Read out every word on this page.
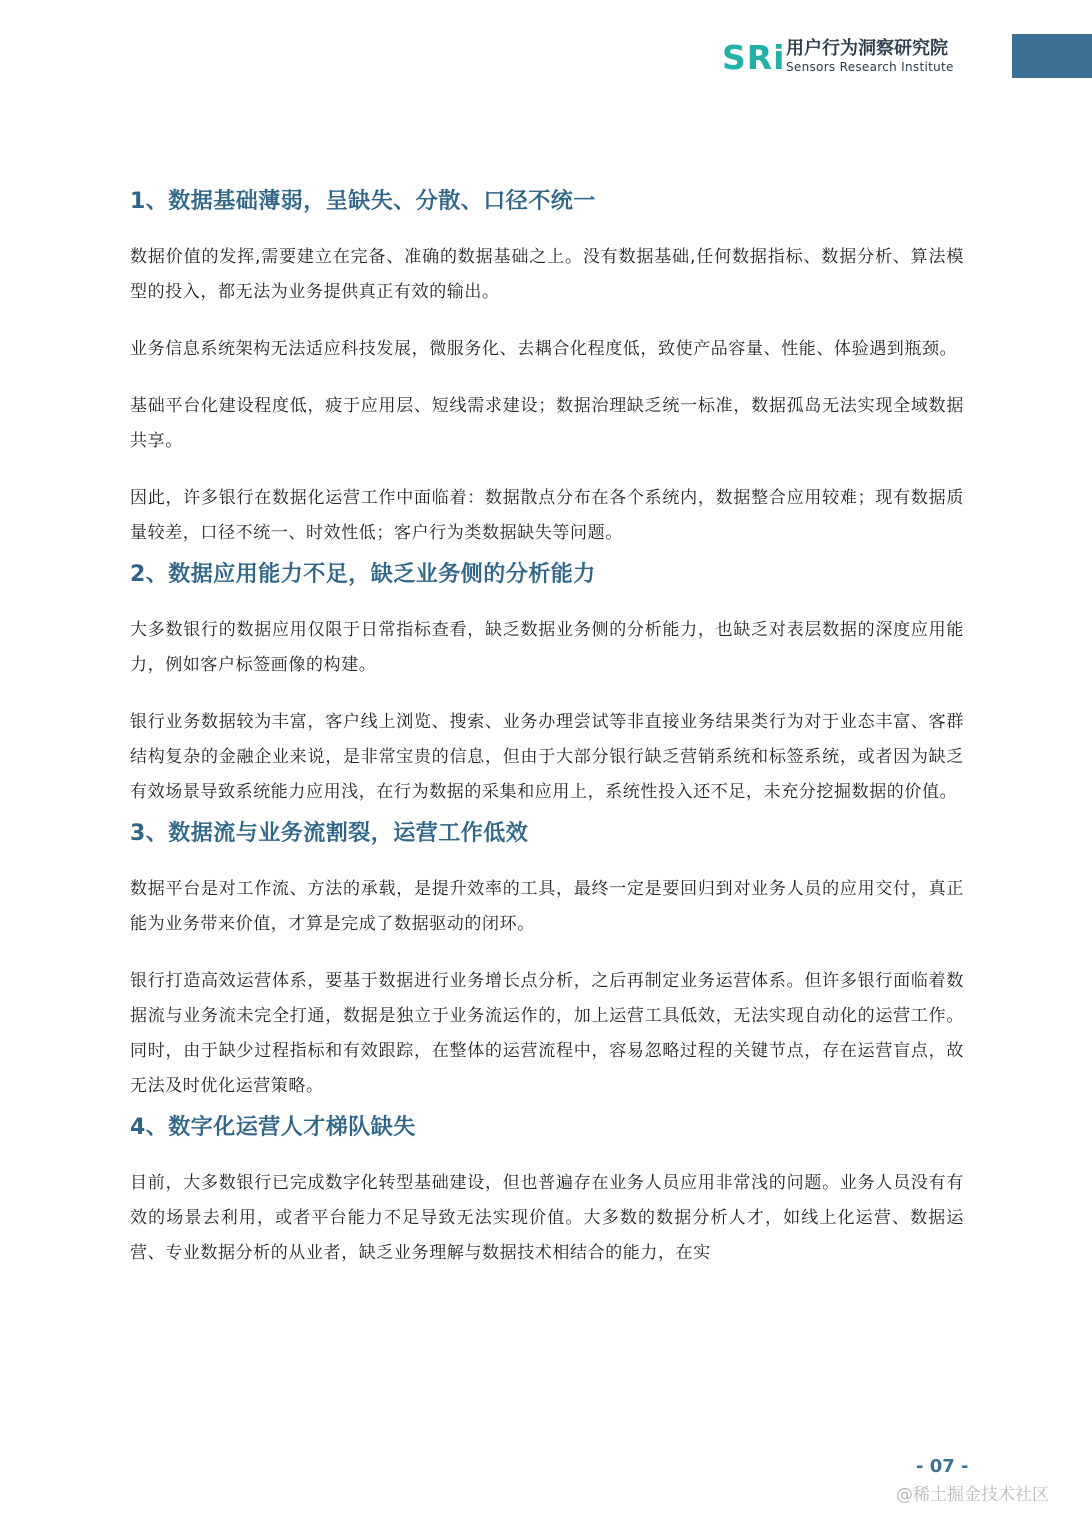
SRi 用户行为洞察研究院
Sensors Research Institute
1、数据基础薄弱，呈缺失、分散、口径不统一

数据价值的发挥,需要建立在完备、准确的数据基础之上。没有数据基础,任何数据指标、数据分析、算法模型的投入，都无法为业务提供真正有效的输出。

业务信息系统架构无法适应科技发展，微服务化、去耦合化程度低，致使产品容量、性能、体验遇到瓶颈。

基础平台化建设程度低，疲于应用层、短线需求建设；数据治理缺乏统一标准，数据孤岛无法实现全域数据共享。

因此，许多银行在数据化运营工作中面临着：数据散点分布在各个系统内，数据整合应用较难；现有数据质量较差，口径不统一、时效性低；客户行为类数据缺失等问题。

2、数据应用能力不足，缺乏业务侧的分析能力

大多数银行的数据应用仅限于日常指标查看，缺乏数据业务侧的分析能力，也缺乏对表层数据的深度应用能力，例如客户标签画像的构建。

银行业务数据较为丰富，客户线上浏览、搜索、业务办理尝试等非直接业务结果类行为对于业态丰富、客群结构复杂的金融企业来说，是非常宝贵的信息，但由于大部分银行缺乏营销系统和标签系统，或者因为缺乏有效场景导致系统能力应用浅，在行为数据的采集和应用上，系统性投入还不足，未充分挖掘数据的价值。

3、数据流与业务流割裂，运营工作低效

数据平台是对工作流、方法的承载，是提升效率的工具，最终一定是要回归到对业务人员的应用交付，真正能为业务带来价值，才算是完成了数据驱动的闭环。

银行打造高效运营体系，要基于数据进行业务增长点分析，之后再制定业务运营体系。但许多银行面临着数据流与业务流未完全打通，数据是独立于业务流运作的，加上运营工具低效，无法实现自动化的运营工作。同时，由于缺少过程指标和有效跟踪，在整体的运营流程中，容易忽略过程的关键节点，存在运营盲点，故无法及时优化运营策略。

4、数字化运营人才梯队缺失

目前，大多数银行已完成数字化转型基础建设，但也普遍存在业务人员应用非常浅的问题。业务人员没有有效的场景去利用，或者平台能力不足导致无法实现价值。大多数的数据分析人才，如线上化运营、数据运营、专业数据分析的从业者，缺乏业务理解与数据技术相结合的能力，在实

- 07 -
@稀土掘金技术社区
